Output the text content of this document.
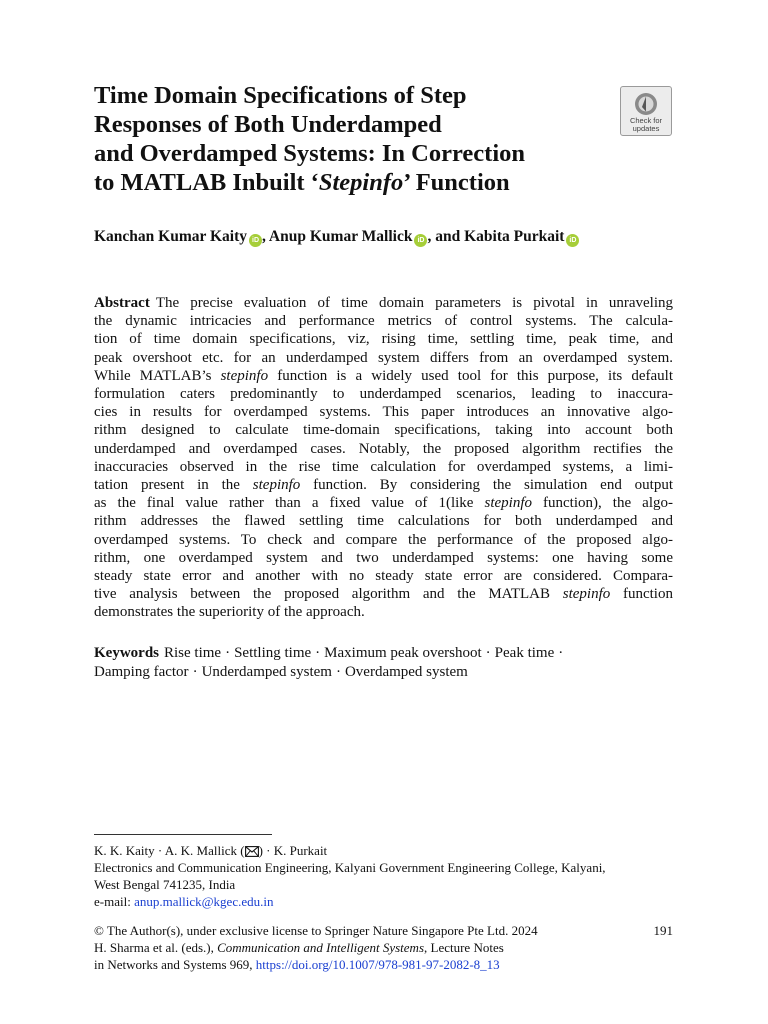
Time Domain Specifications of Step
Responses of Both Underdamped
and Overdamped Systems: In Correction
to MATLAB Inbuilt ‘Stepinfo’ Function
Check for
updates

Kanchan Kumar Kaity iD , Anup Kumar Mallick iD , and Kabita Purkait iD

Abstract The precise evaluation of time domain parameters is pivotal in unraveling
the dynamic intricacies and performance metrics of control systems. The calcula-
tion of time domain specifications, viz, rising time, settling time, peak time, and
peak overshoot etc. for an underdamped system differs from an overdamped system.
While MATLAB’s stepinfo function is a widely used tool for this purpose, its default
formulation caters predominantly to underdamped scenarios, leading to inaccura-
cies in results for overdamped systems. This paper introduces an innovative algo-
rithm designed to calculate time-domain specifications, taking into account both
underdamped and overdamped cases. Notably, the proposed algorithm rectifies the
inaccuracies observed in the rise time calculation for overdamped systems, a limi-
tation present in the stepinfo function. By considering the simulation end output
as the final value rather than a fixed value of 1(like stepinfo function), the algo-
rithm addresses the flawed settling time calculations for both underdamped and
overdamped systems. To check and compare the performance of the proposed algo-
rithm, one overdamped system and two underdamped systems: one having some
steady state error and another with no steady state error are considered. Compara-
tive analysis between the proposed algorithm and the MATLAB stepinfo function
demonstrates the superiority of the approach.

Keywords Rise time · Settling time · Maximum peak overshoot · Peak time ·
Damping factor · Underdamped system · Overdamped system

K. K. Kaity · A. K. Mallick ( ) · K. Purkait
Electronics and Communication Engineering, Kalyani Government Engineering College, Kalyani,
West Bengal 741235, India
e-mail: anup.mallick@kgec.edu.in

191
© The Author(s), under exclusive license to Springer Nature Singapore Pte Ltd. 2024
H. Sharma et al. (eds.), Communication and Intelligent Systems, Lecture Notes
in Networks and Systems 969, https://doi.org/10.1007/978-981-97-2082-8_13
